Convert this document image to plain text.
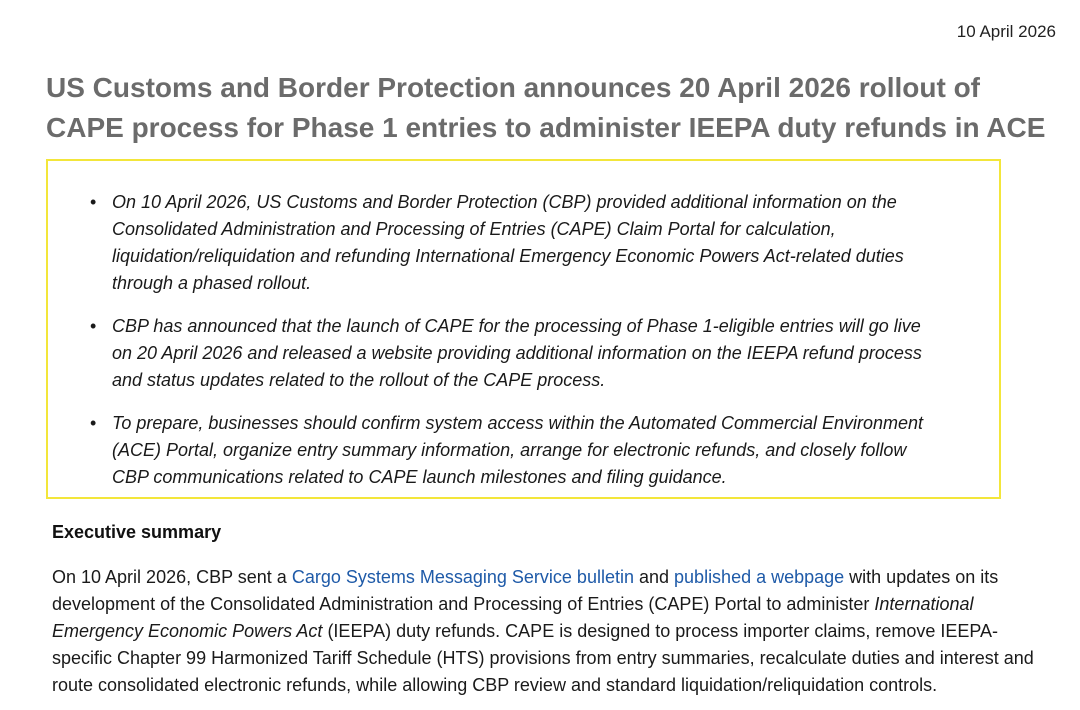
10 April 2026
US Customs and Border Protection announces 20 April 2026 rollout of CAPE process for Phase 1 entries to administer IEEPA duty refunds in ACE
• On 10 April 2026, US Customs and Border Protection (CBP) provided additional information on the Consolidated Administration and Processing of Entries (CAPE) Claim Portal for calculation, liquidation/reliquidation and refunding International Emergency Economic Powers Act-related duties through a phased rollout.
• CBP has announced that the launch of CAPE for the processing of Phase 1-eligible entries will go live on 20 April 2026 and released a website providing additional information on the IEEPA refund process and status updates related to the rollout of the CAPE process.
• To prepare, businesses should confirm system access within the Automated Commercial Environment (ACE) Portal, organize entry summary information, arrange for electronic refunds, and closely follow CBP communications related to CAPE launch milestones and filing guidance.
Executive summary

On 10 April 2026, CBP sent a Cargo Systems Messaging Service bulletin and published a webpage with updates on its development of the Consolidated Administration and Processing of Entries (CAPE) Portal to administer International Emergency Economic Powers Act (IEEPA) duty refunds. CAPE is designed to process importer claims, remove IEEPA-specific Chapter 99 Harmonized Tariff Schedule (HTS) provisions from entry summaries, recalculate duties and interest and route consolidated electronic refunds, while allowing CBP review and standard liquidation/reliquidation controls.
